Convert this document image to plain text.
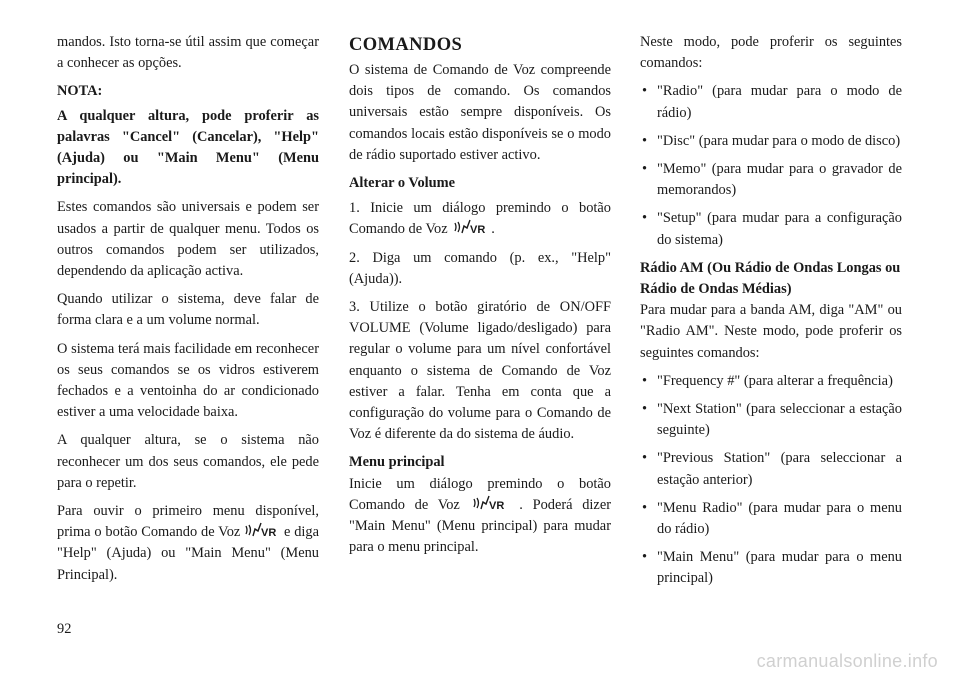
mandos. Isto torna-se útil assim que começar a conhecer as opções.

NOTA:

A qualquer altura, pode proferir as palavras "Cancel" (Cancelar), "Help" (Ajuda) ou "Main Menu" (Menu principal).

Estes comandos são universais e podem ser usados a partir de qualquer menu. Todos os outros comandos podem ser utilizados, dependendo da aplicação activa.

Quando utilizar o sistema, deve falar de forma clara e a um volume normal.

O sistema terá mais facilidade em reconhecer os seus comandos se os vidros estiverem fechados e a ventoinha do ar condicionado estiver a uma velocidade baixa.

A qualquer altura, se o sistema não reconhecer um dos seus comandos, ele pede para o repetir.

Para ouvir o primeiro menu disponível, prima o botão Comando de Voz VR e diga "Help" (Ajuda) ou "Main Menu" (Menu Principal).

COMANDOS

O sistema de Comando de Voz compreende dois tipos de comando. Os comandos universais estão sempre disponíveis. Os comandos locais estão disponíveis se o modo de rádio suportado estiver activo.

Alterar o Volume

1. Inicie um diálogo premindo o botão Comando de Voz VR .

2. Diga um comando (p. ex., "Help" (Ajuda)).

3. Utilize o botão giratório de ON/OFF VOLUME (Volume ligado/desligado) para regular o volume para um nível confortável enquanto o sistema de Comando de Voz estiver a falar. Tenha em conta que a configuração do volume para o Comando de Voz é diferente da do sistema de áudio.

Menu principal

Inicie um diálogo premindo o botão Comando de Voz	VR . Poderá dizer "Main Menu" (Menu principal) para mudar para o menu principal.

Neste modo, pode proferir os seguintes comandos:

• "Radio" (para mudar para o modo de rádio)
• "Disc" (para mudar para o modo de disco)
• "Memo" (para mudar para o gravador de memorandos)
• "Setup" (para mudar para a configuração do sistema)
Rádio AM (Ou Rádio de Ondas Longas ou Rádio de Ondas Médias)

Para mudar para a banda AM, diga "AM" ou "Radio AM". Neste modo, pode proferir os seguintes comandos:

• "Frequency #" (para alterar a frequência)
• "Next Station" (para seleccionar a estação seguinte)
• "Previous Station" (para seleccionar a estação anterior)
• "Menu Radio" (para mudar para o menu do rádio)
• "Main Menu" (para mudar para o menu principal)
92
carmanualsonline.info
